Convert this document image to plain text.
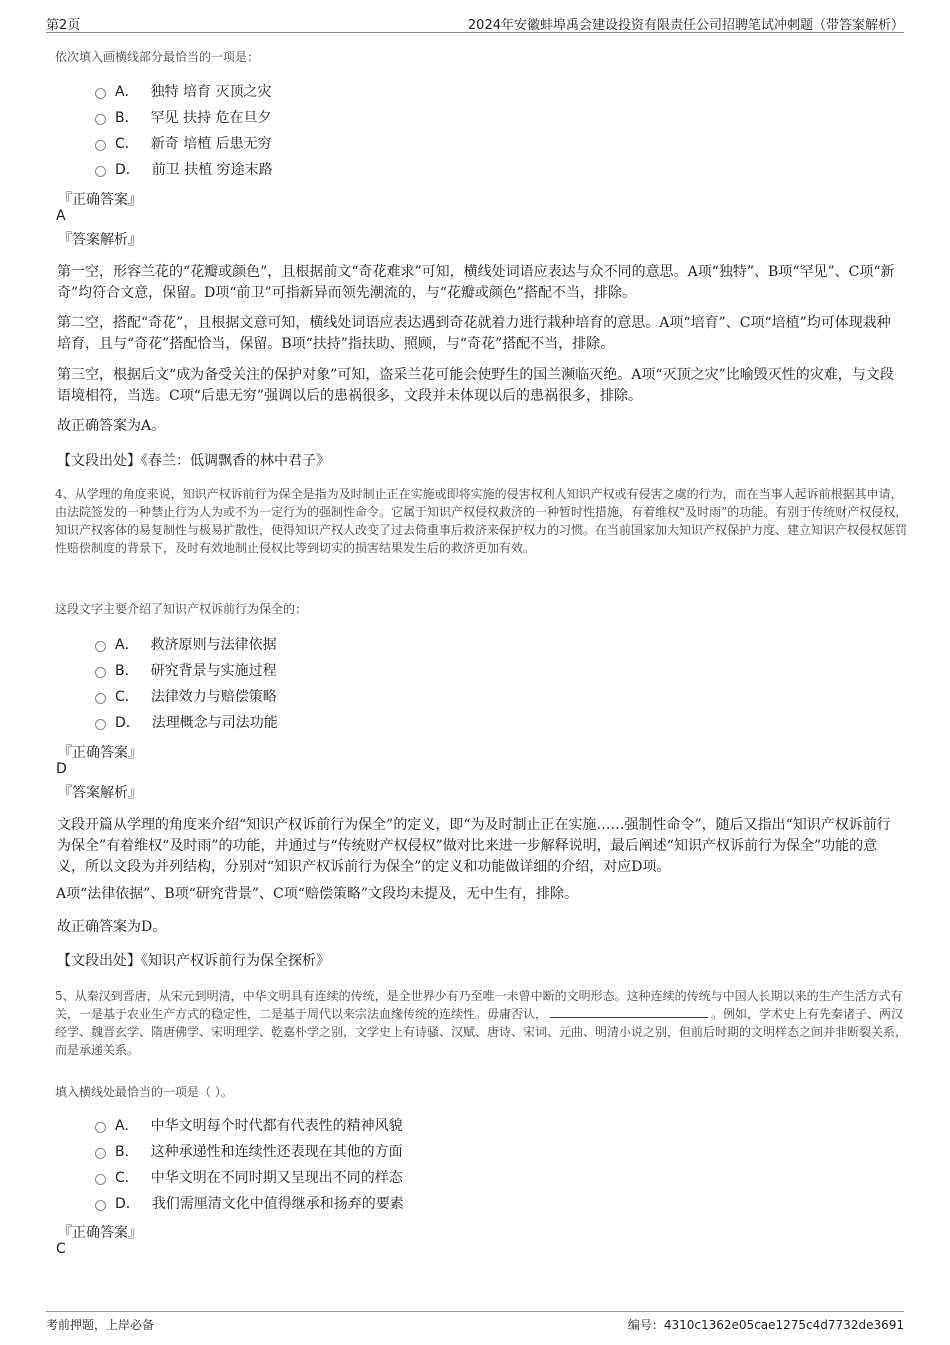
第2页	2024年安徽蚌埠禹会建设投资有限责任公司招聘笔试冲刺题（带答案解析）
依次填入画横线部分最恰当的一项是：
A． 独特 培育 灭顶之灾
B． 罕见 扶持 危在旦夕
C． 新奇 培植 后患无穷
D． 前卫 扶植 穷途末路
『正确答案』
A
『答案解析』
第一空，形容兰花的“花瓣或颜色”，且根据前文“奇花难求”可知，横线处词语应表达与众不同的意思。A项“独特”、B项“罕见”、C项“新奇”均符合文意，保留。D项“前卫”可指新异而领先潮流的，与“花瓣或颜色”搭配不当，排除。
第二空，搭配“奇花”，且根据文意可知，横线处词语应表达遇到奇花就着力进行栽种培育的意思。A项“培育”、C项“培植”均可体现栽种培育，且与“奇花”搭配恰当，保留。B项“扶持”指扶助、照顾，与“奇花”搭配不当，排除。
第三空，根据后文“成为备受关注的保护对象”可知，盗采兰花可能会使野生的国兰濒临灭绝。A项“灭顶之灾”比喻毁灭性的灾难，与文段语境相符，当选。C项“后患无穷”强调以后的患祸很多，文段并未体现以后的患祸很多，排除。
故正确答案为A。
【文段出处】《春兰：低调飘香的林中君子》
4、从学理的角度来说，知识产权诉前行为保全是指为及时制止正在实施或即将实施的侵害权利人知识产权或有侵害之虞的行为，而在当事人起诉前根据其申请，由法院签发的一种禁止行为人为或不为一定行为的强制性命令。它属于知识产权侵权救济的一种暂时性措施，有着维权“及时雨”的功能。有别于传统财产权侵权，知识产权客体的易复制性与极易扩散性，使得知识产权人改变了过去倚重事后救济来保护权力的习惯。在当前国家加大知识产权保护力度、建立知识产权侵权惩罚性赔偿制度的背景下，及时有效地制止侵权比等到切实的损害结果发生后的救济更加有效。
这段文字主要介绍了知识产权诉前行为保全的：
A． 救济原则与法律依据
B． 研究背景与实施过程
C． 法律效力与赔偿策略
D． 法理概念与司法功能
『正确答案』
D
『答案解析』
文段开篇从学理的角度来介绍“知识产权诉前行为保全”的定义，即“为及时制止正在实施……强制性命令”，随后又指出“知识产权诉前行为保全”有着维权“及时雨”的功能，并通过与“传统财产权侵权”做对比来进一步解释说明，最后阐述“知识产权诉前行为保全”功能的意义，所以文段为并列结构，分别对“知识产权诉前行为保全”的定义和功能做详细的介绍，对应D项。
A项“法律依据”、B项“研究背景”、C项“赔偿策略”文段均未提及，无中生有，排除。
故正确答案为D。
【文段出处】《知识产权诉前行为保全探析》
5、从秦汉到晋唐，从宋元到明清，中华文明具有连续的传统，是全世界少有乃至唯一未曾中断的文明形态。这种连续的传统与中国人长期以来的生产生活方式有关，一是基于农业生产方式的稳定性，二是基于周代以来宗法血缘传统的连续性。毋庸否认，	。例如，学术史上有先秦诸子、两汉经学、魏晋玄学、隋唐佛学、宋明理学、乾嘉朴学之别，文学史上有诗骚、汉赋、唐诗、宋词、元曲、明清小说之别，但前后时期的文明样态之间并非断裂关系，而是承递关系。
填入横线处最恰当的一项是（ ）。
A． 中华文明每个时代都有代表性的精神风貌
B． 这种承递性和连续性还表现在其他的方面
C． 中华文明在不同时期又呈现出不同的样态
D． 我们需厘清文化中值得继承和扬弃的要素
『正确答案』
C
考前押题，上岸必备	编号：4310c1362e05cae1275c4d7732de3691
